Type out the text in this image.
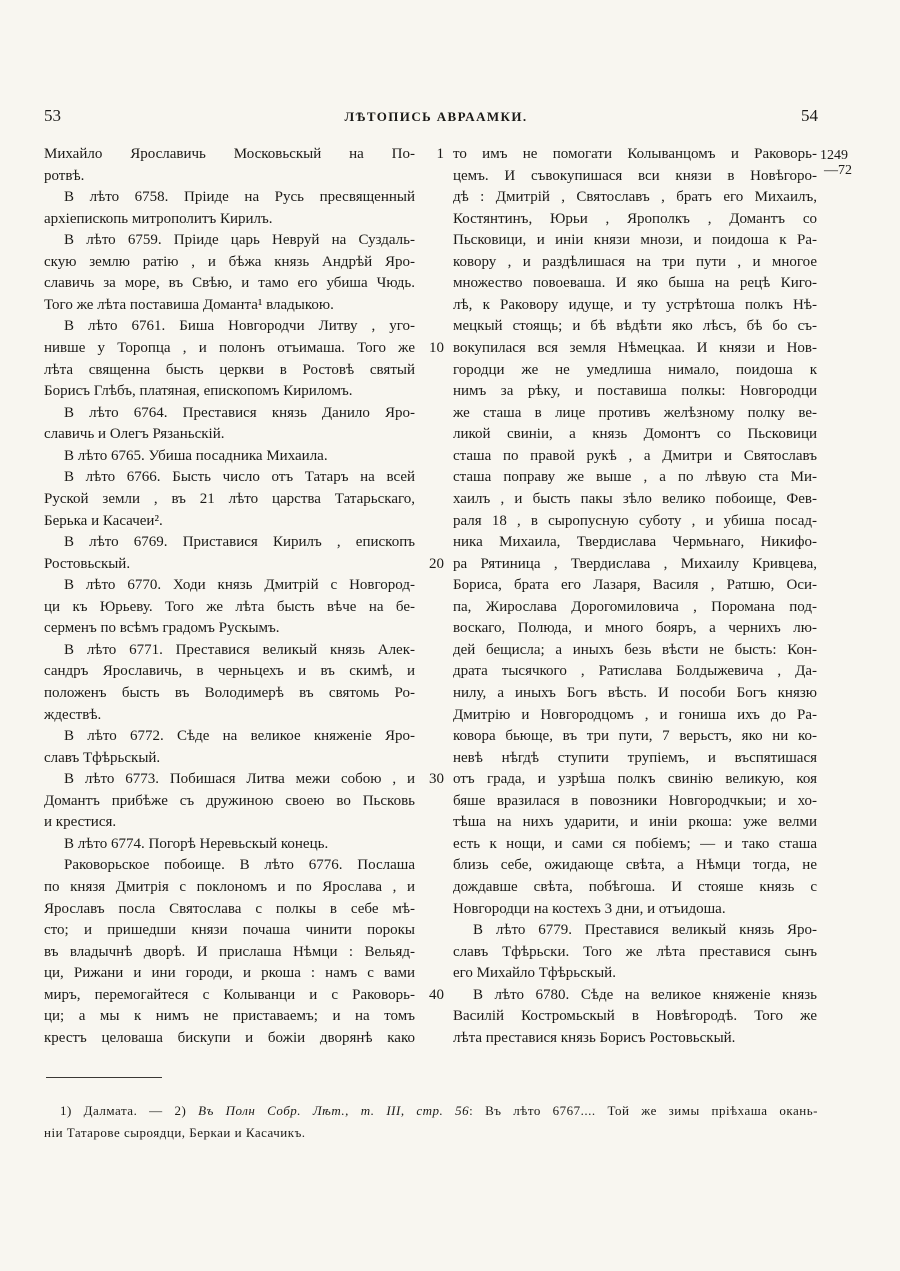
53	ЛѢТОПИСЬ АВРААМКИ.	54
1249
—72
Михайло Ярославичь Московьскый на По-
ротвѣ.
В лѣто 6758. Пріиде на Русь пресвященный
архіепископь митрополитъ Кирилъ.
В лѣто 6759. Пріиде царь Невруй на Суздаль-
скую землю ратію , и бѣжа князь Андрѣй Яро-
славичь за море, въ Свѣю, и тамо его убиша Чюдь.
Того же лѣта поставиша Доманта¹ владыкою.
В лѣто 6761. Биша Новгородчи Литву , уго-
нивше у Торопца , и полонъ отъимаша. Того же
лѣта священна бысть церкви в Ростовѣ святый
Борисъ Глѣбъ, платяная, епископомъ Кириломъ.
В лѣто 6764. Преставися князь Данило Яро-
славичь и Олегъ Рязаньскій.
В лѣто 6765. Убиша посадника Михаила.
В лѣто 6766. Бысть число отъ Татаръ на всей
Руской земли , въ 21 лѣто царства Татарьскаго,
Берька и Касачеи².
В лѣто 6769. Приставися Кирилъ , епископъ
Ростовьскый.
В лѣто 6770. Ходи князь Дмитрій с Новгород-
ци къ Юрьеву. Того же лѣта бысть вѣче на бе-
серменъ по всѣмъ градомъ Рускымъ.
В лѣто 6771. Преставися великый князь Алек-
сандръ Ярославичь, в черньцехъ и въ скимѣ, и
положенъ бысть въ Володимерѣ въ святомь Ро-
ждествѣ.
В лѣто 6772. Сѣде на великое княженіе Яро-
славъ Тфѣрьскый.
В лѣто 6773. Побишася Литва межи собою , и
Домантъ прибѣже съ дружиною своею во Пьсковь
и крестися.
В лѣто 6774. Погорѣ Неревьскый конець.
Раковорьское побоище. В лѣто 6776. Послаша
по князя Дмитрія с поклономъ и по Ярослава , и
Ярославъ посла Святослава с полкы в себе мѣ-
сто; и пришедши князи почаша чинити порокы
въ владычнѣ дворѣ. И прислаша Нѣмци : Вельяд-
ци, Рижани и ини городи, и ркоша : намъ с вами
миръ, перемогайтеся с Колыванци и с Раковорь-
ци; а мы к нимъ не приставаемъ; и на томъ
крестъ целоваша бискупи и божіи дворянѣ како
1
10
20
30
40
то имъ не помогати Колыванцомъ и Раковорь-
цемъ. И съвокупишася вси князи в Новѣгоро-
дѣ : Дмитрій , Святославъ , братъ его Михаилъ,
Костянтинъ, Юрьи , Ярополкъ , Домантъ со
Пьсковици, и иніи князи мнози, и поидоша к Ра-
ковору , и раздѣлишася на три пути , и многое
множество повоеваша. И яко быша на рецѣ Киго-
лѣ, к Раковору идуще, и ту устрѣтоша полкъ Нѣ-
мецкый стоящь; и бѣ вѣдѣти яко лѣсъ, бѣ бо съ-
вокупилася вся земля Нѣмецкаа. И князи и Нов-
городци же не умедлиша нимало, поидоша к
нимъ за рѣку, и поставиша полкы: Новгородци
же сташа в лице противъ желѣзному полку ве-
ликой свиніи, а князь Домонтъ со Пьсковици
сташа по правой рукѣ , а Дмитри и Святославъ
сташа поправу же выше , а по лѣвую ста Ми-
хаилъ , и бысть пакы зѣло велико побоище, Фев-
раля 18 , в сыропусную суботу , и убиша посад-
ника Михаила, Твердислава Чермьнаго, Никифо-
ра Рятиница , Твердислава , Михаилу Кривцева,
Бориса, брата его Лазаря, Василя , Ратшю, Оси-
па, Жирослава Дорогомиловича , Поромана под-
воскаго, Полюда, и много бояръ, а чернихъ лю-
дей бещисла; а иныхъ безь вѣсти не бысть: Кон-
драта тысячкого , Ратислава Болдыжевича , Да-
нилу, а иныхъ Богъ вѣсть. И пособи Богъ князю
Дмитрію и Новгородцомъ , и гониша ихъ до Ра-
ковора бьюще, въ три пути, 7 верьстъ, яко ни ко-
невѣ нѣгдѣ ступити трупіемъ, и въспятишася
отъ града, и узрѣша полкъ свинію великую, коя
бяше вразилася в повозники Новгородчкыи; и хо-
тѣша на нихъ ударити, и иніи ркоша: уже велми
есть к нощи, и сами ся побіемъ; — и тако сташа
близь себе, ожидающе свѣта, а Нѣмци тогда, не
дождавше свѣта, побѣгоша. И стояше князь с
Новгородци на костехъ 3 дни, и отъидоша.
В лѣто 6779. Преставися великый князь Яро-
славъ Тфѣрьски. Того же лѣта преставися сынъ
его Михайло Тфѣрьскый.
В лѣто 6780. Сѣде на великое княженіе князь
Василій Костромьскый в Новѣгородѣ. Того же
лѣта преставися князь Борисъ Ростовьскый.
1) Далмата. — 2) Въ Полн Собр. Лѣт., т. III, стр. 56: Въ лѣто 6767.... Той же зимы пріѣхаша окань-
ніи Татарове сыроядци, Беркаи и Касачикъ.
